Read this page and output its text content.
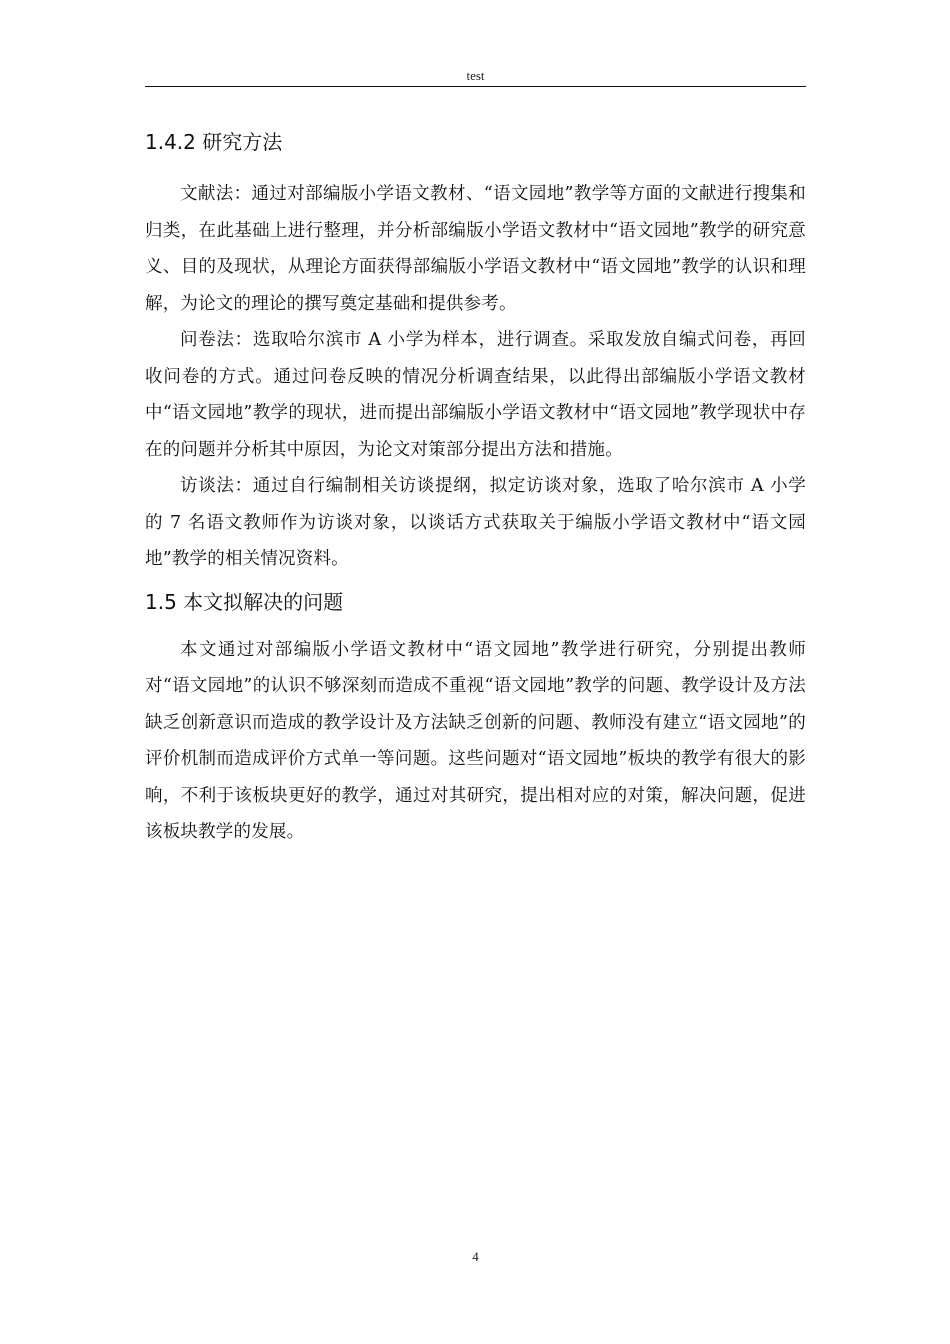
test
1.4.2 研究方法

文献法：通过对部编版小学语文教材、“语文园地”教学等方面的文献进行搜集和归类，在此基础上进行整理，并分析部编版小学语文教材中“语文园地”教学的研究意义、目的及现状，从理论方面获得部编版小学语文教材中“语文园地”教学的认识和理解，为论文的理论的撰写奠定基础和提供参考。

问卷法：选取哈尔滨市 A 小学为样本，进行调查。采取发放自编式问卷，再回收问卷的方式。通过问卷反映的情况分析调查结果，以此得出部编版小学语文教材中“语文园地”教学的现状，进而提出部编版小学语文教材中“语文园地”教学现状中存在的问题并分析其中原因，为论文对策部分提出方法和措施。

访谈法：通过自行编制相关访谈提纲，拟定访谈对象，选取了哈尔滨市 A 小学的 7 名语文教师作为访谈对象，以谈话方式获取关于编版小学语文教材中“语文园地”教学的相关情况资料。

1.5 本文拟解决的问题

本文通过对部编版小学语文教材中“语文园地”教学进行研究，分别提出教师对“语文园地”的认识不够深刻而造成不重视“语文园地”教学的问题、教学设计及方法缺乏创新意识而造成的教学设计及方法缺乏创新的问题、教师没有建立“语文园地”的评价机制而造成评价方式单一等问题。这些问题对“语文园地”板块的教学有很大的影响，不利于该板块更好的教学，通过对其研究，提出相对应的对策，解决问题，促进该板块教学的发展。

4
